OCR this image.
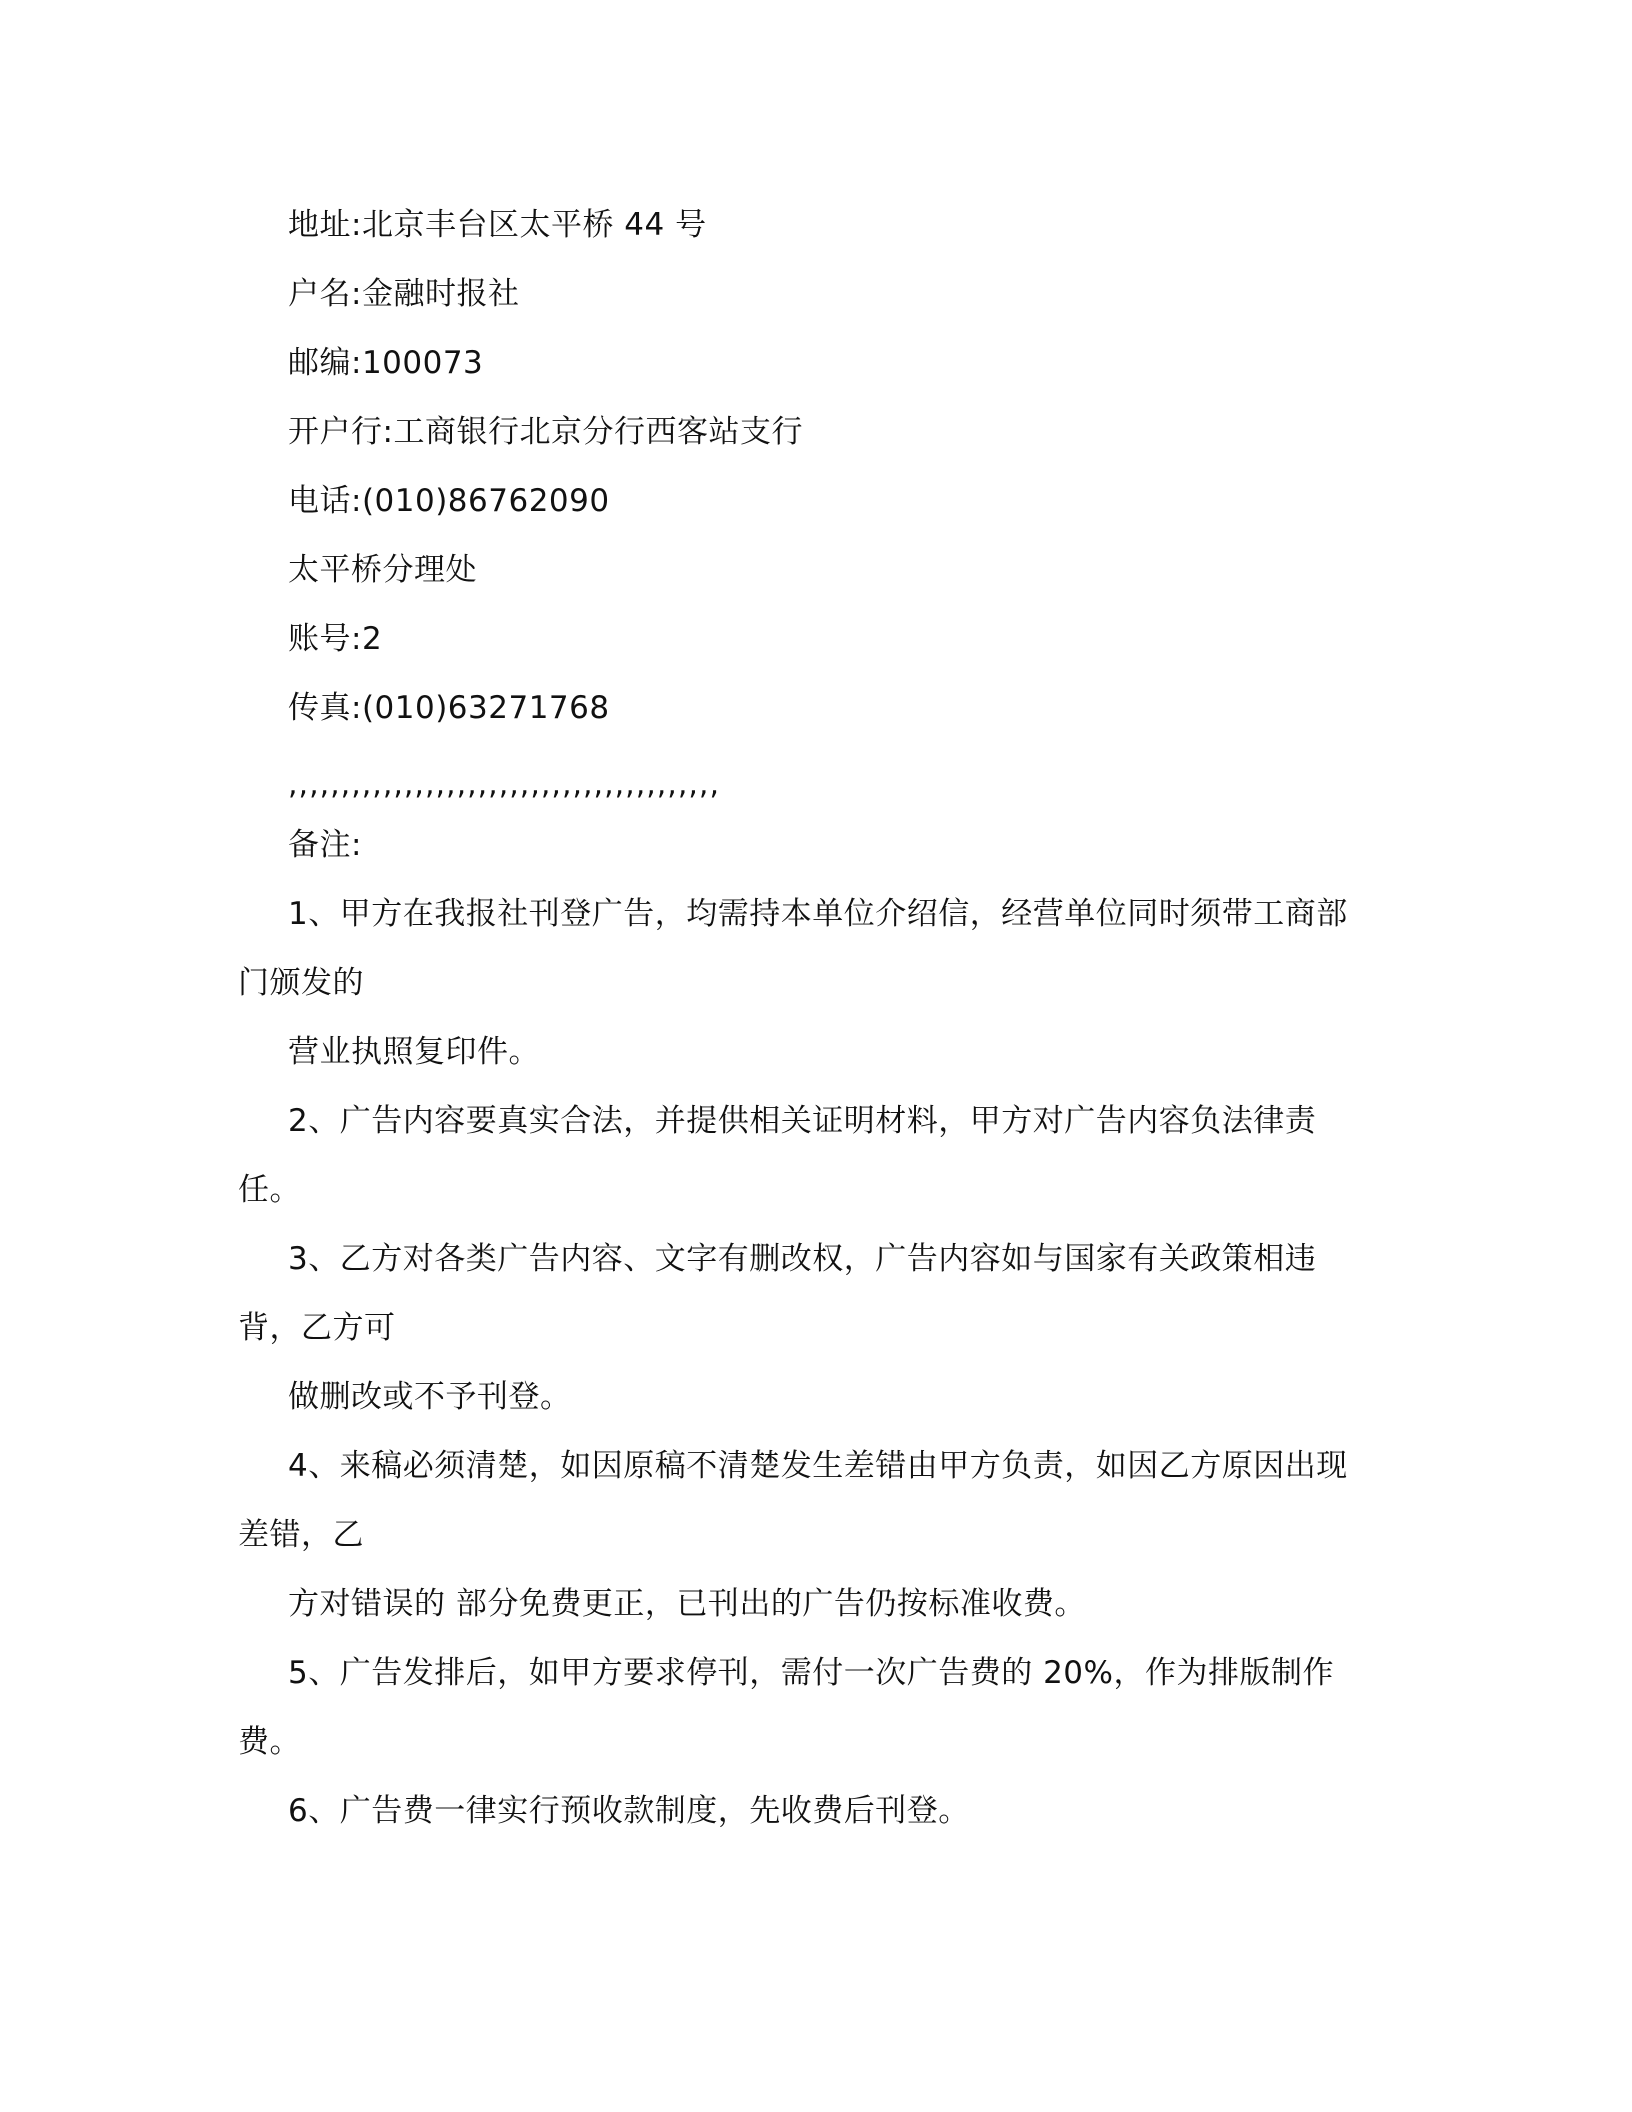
地址:北京丰台区太平桥 44 号
户名:金融时报社
邮编:100073
开户行:工商银行北京分行西客站支行
电话:(010)86762090
太平桥分理处
账号:2
传真:(010)63271768
,,,,,,,,,,,,,,,,,,,,,,,,,,,,,,,,,,,,,,,,,
备注:
1、甲方在我报社刊登广告，均需持本单位介绍信，经营单位同时须带工商部
门颁发的
营业执照复印件。
2、广告内容要真实合法，并提供相关证明材料，甲方对广告内容负法律责
任。
3、乙方对各类广告内容、文字有删改权，广告内容如与国家有关政策相违
背，乙方可
做删改或不予刊登。
4、来稿必须清楚，如因原稿不清楚发生差错由甲方负责，如因乙方原因出现
差错，乙
方对错误的 部分免费更正，已刊出的广告仍按标准收费。
5、广告发排后，如甲方要求停刊，需付一次广告费的 20%，作为排版制作
费。
6、广告费一律实行预收款制度，先收费后刊登。
